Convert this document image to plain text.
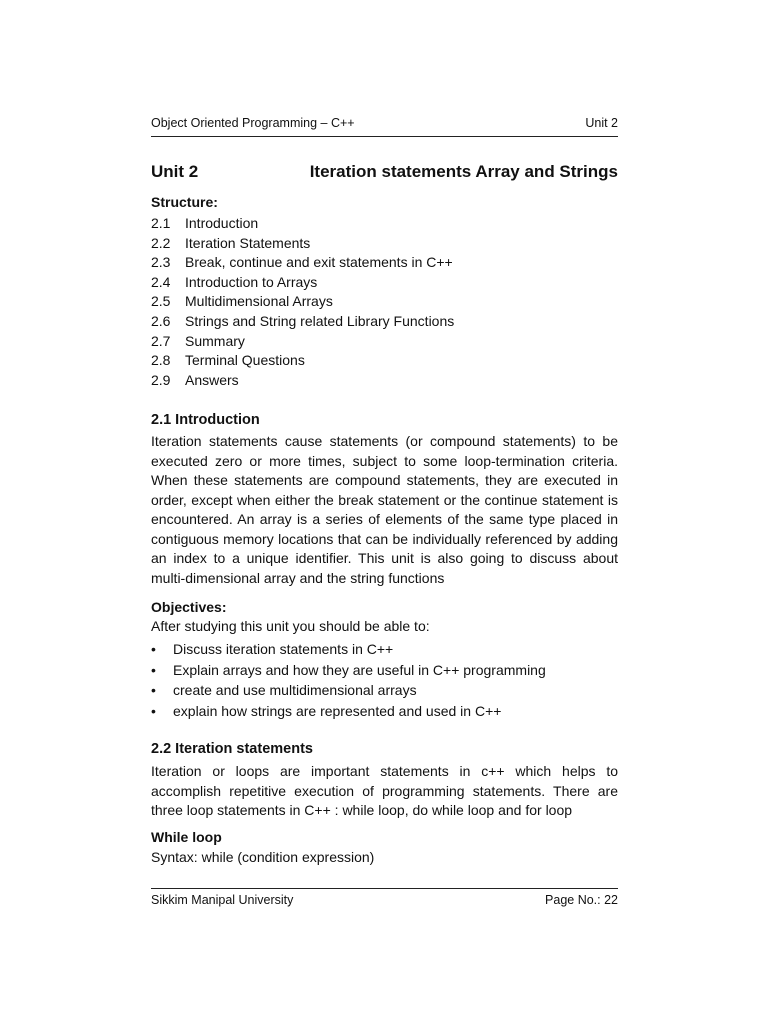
Object Oriented Programming – C++	Unit 2
Unit 2	Iteration statements Array and Strings
Structure:
2.1 Introduction
2.2 Iteration Statements
2.3 Break, continue and exit statements in C++
2.4 Introduction to Arrays
2.5 Multidimensional Arrays
2.6 Strings and String related Library Functions
2.7 Summary
2.8 Terminal Questions
2.9 Answers
2.1 Introduction
Iteration statements cause statements (or compound statements) to be executed zero or more times, subject to some loop-termination criteria. When these statements are compound statements, they are executed in order, except when either the break statement or the continue statement is encountered. An array is a series of elements of the same type placed in contiguous memory locations that can be individually referenced by adding an index to a unique identifier. This unit is also going to discuss about multi-dimensional array and the string functions
Objectives:
After studying this unit you should be able to:
• Discuss iteration statements in C++
• Explain arrays and how they are useful in C++ programming
• create and use multidimensional arrays
• explain how strings are represented and used in C++
2.2 Iteration statements
Iteration or loops are important statements in c++ which helps to accomplish repetitive execution of programming statements. There are three loop statements in C++ : while loop, do while loop and for loop
While loop
Syntax: while (condition expression)
Sikkim Manipal University	Page No.: 22
